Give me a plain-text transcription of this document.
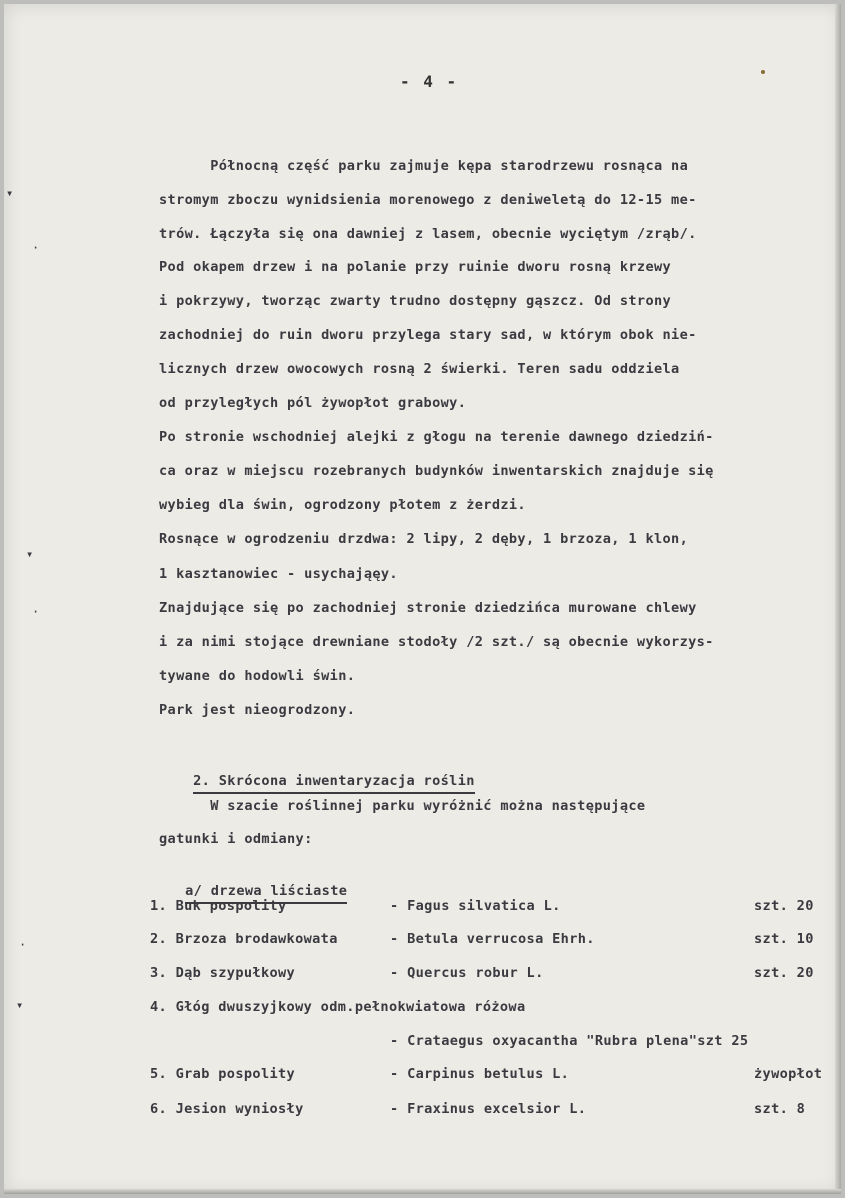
- 4 -
▾
·
▾
·
·
▾
Północną część parku zajmuje kępa starodrzewu rosnąca na
stromym zboczu wynidsienia morenowego z deniweletą do 12-15 me-
trów. Łączyła się ona dawniej z lasem, obecnie wyciętym /zrąb/.
Pod okapem drzew i na polanie przy ruinie dworu rosną krzewy
i pokrzywy, tworząc zwarty trudno dostępny gąszcz. Od strony
zachodniej do ruin dworu przylega stary sad, w którym obok nie-
licznych drzew owocowych rosną 2 świerki. Teren sadu oddziela
od przyległych pól żywopłot grabowy.
Po stronie wschodniej alejki z głogu na terenie dawnego dziedziń-
ca oraz w miejscu rozebranych budynków inwentarskich znajduje się
wybieg dla świn, ogrodzony płotem z żerdzi.
Rosnące w ogrodzeniu drzdwa: 2 lipy, 2 dęby, 1 brzoza, 1 klon,
1 kasztanowiec - usychająęy.
Znajdujące się po zachodniej stronie dziedzińca murowane chlewy
i za nimi stojące drewniane stodoły /2 szt./ są obecnie wykorzys-
tywane do hodowli świn.
Park jest nieogrodzony.

2. Skrócona inwentaryzacja roślin

W szacie roślinnej parku wyróżnić można następujące
gatunki i odmiany:

a/ drzewa liściaste

1. Buk pospolity	- Fagus silvatica L.	szt. 20
2. Brzoza brodawkowata	- Betula verrucosa Ehrh.	szt. 10
3. Dąb szypułkowy	- Quercus robur L.	szt. 20
4. Głóg dwuszyjkowy odm.pełnokwiatowa różowa
- Crataegus oxyacantha "Rubra plena"szt 25
5. Grab pospolity	- Carpinus betulus L.	żywopłot
6. Jesion wyniosły	- Fraxinus excelsior L.	szt. 8
